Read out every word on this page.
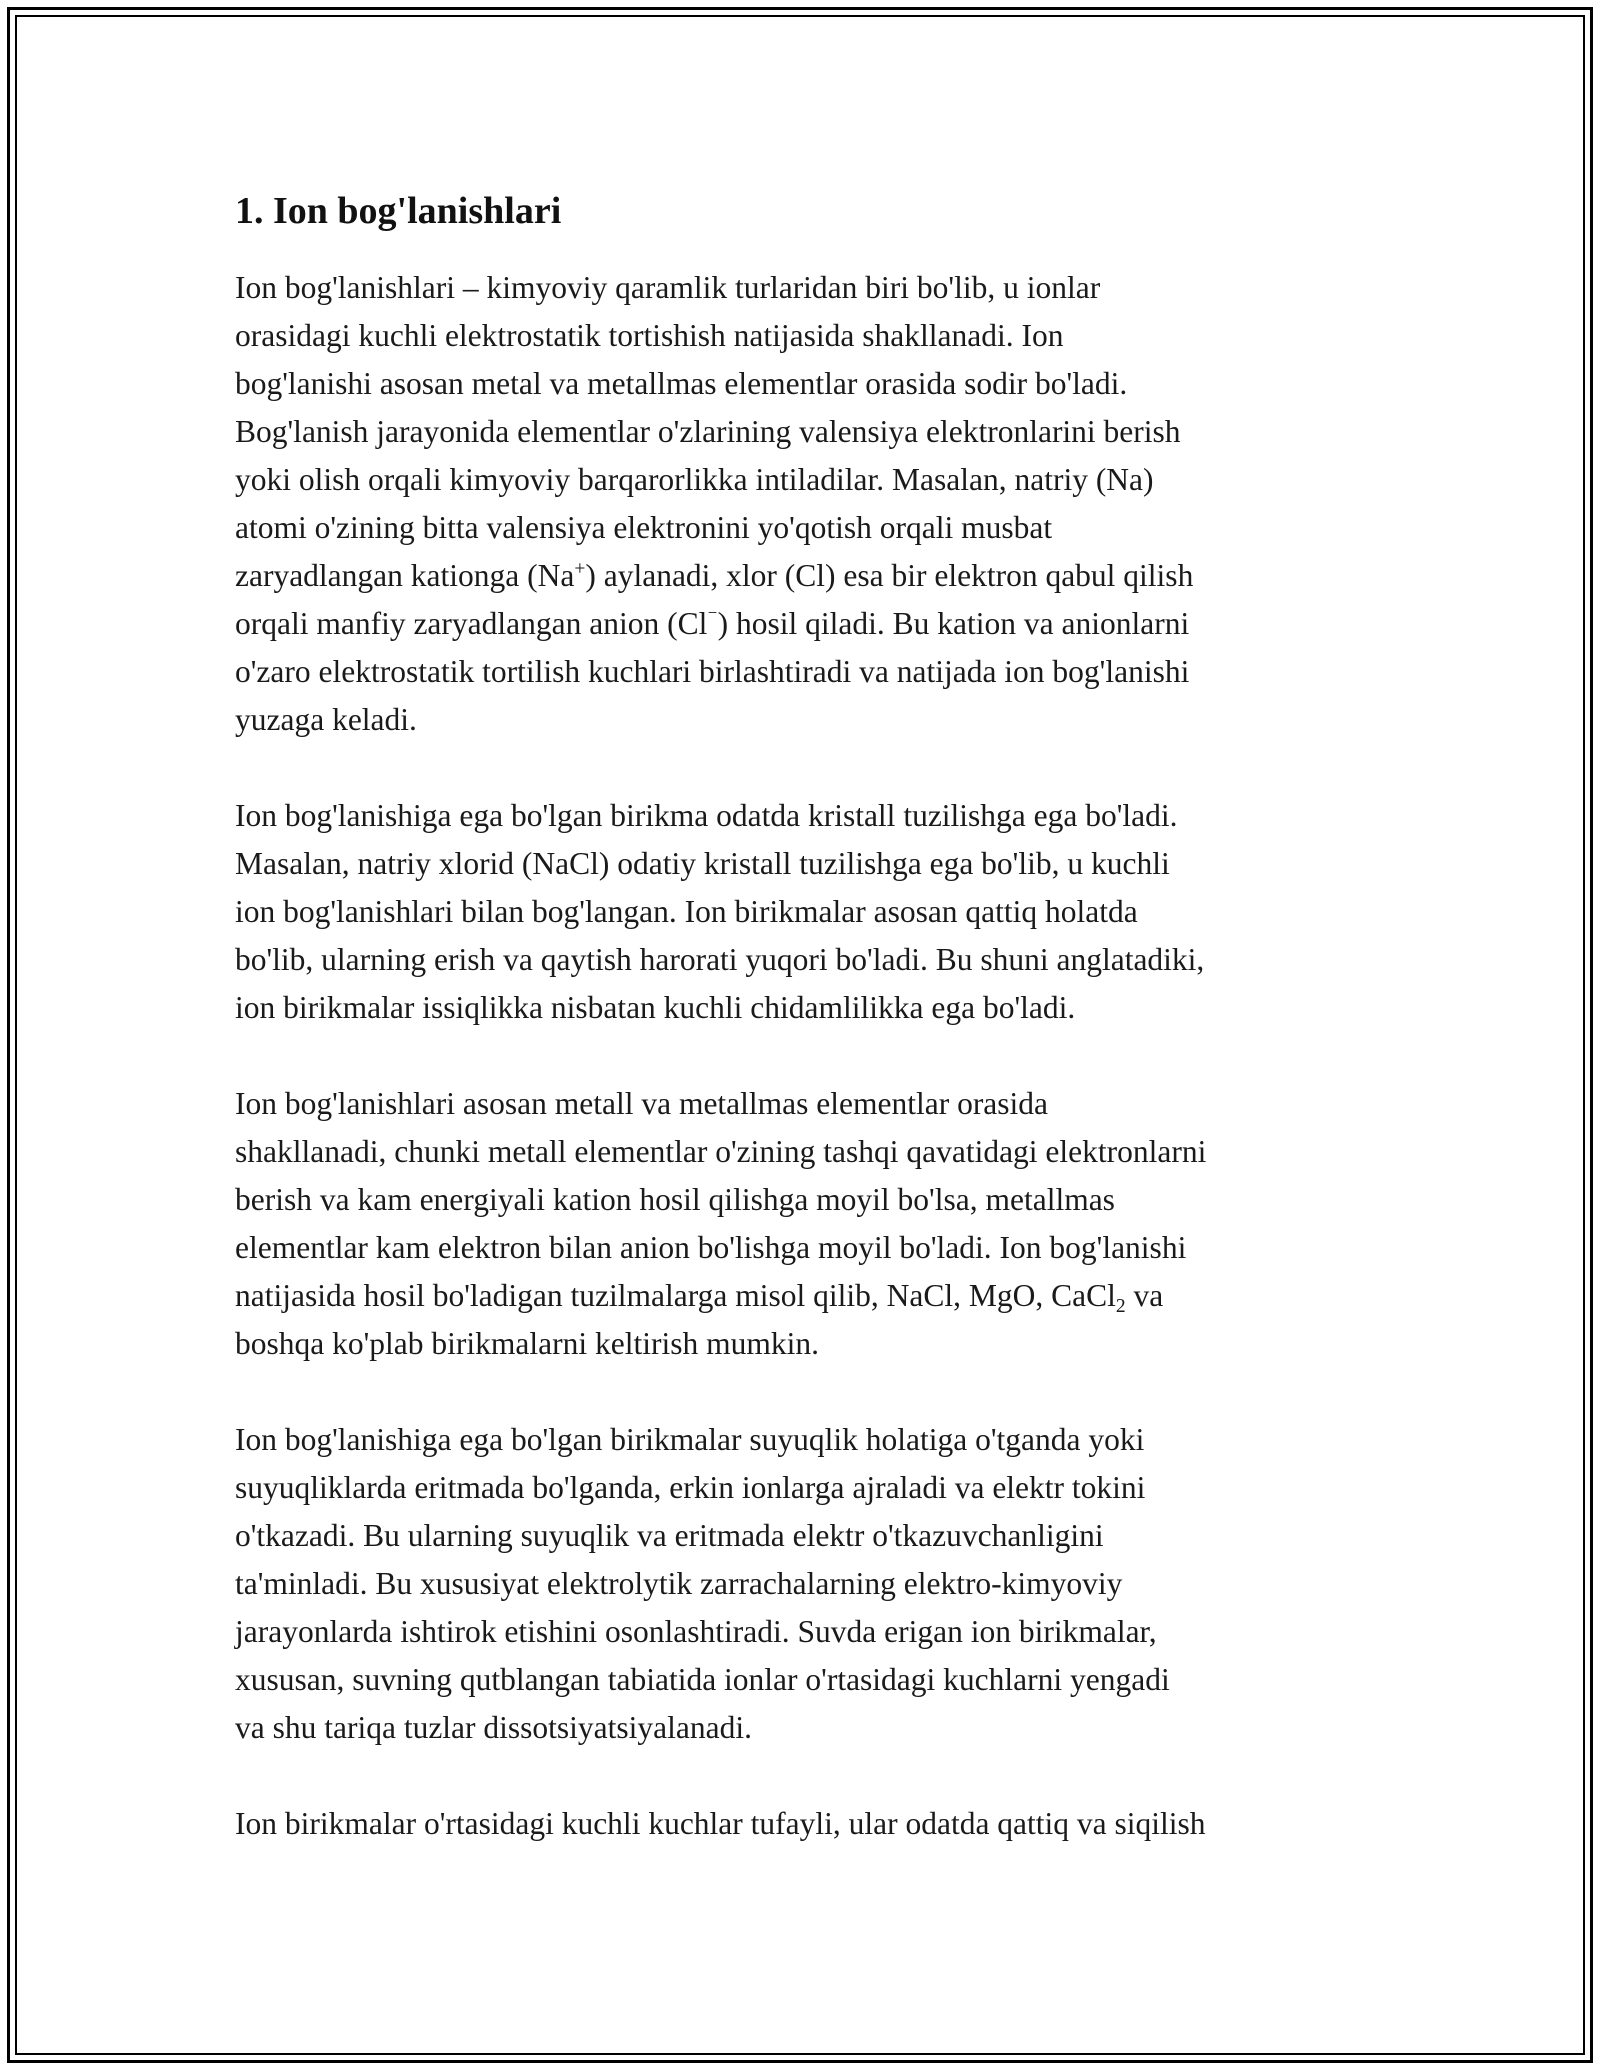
1. Ion bog'lanishlari

Ion bog'lanishlari – kimyoviy qaramlik turlaridan biri bo'lib, u ionlar
orasidagi kuchli elektrostatik tortishish natijasida shakllanadi. Ion
bog'lanishi asosan metal va metallmas elementlar orasida sodir bo'ladi.
Bog'lanish jarayonida elementlar o'zlarining valensiya elektronlarini berish
yoki olish orqali kimyoviy barqarorlikka intiladilar. Masalan, natriy (Na)
atomi o'zining bitta valensiya elektronini yo'qotish orqali musbat
zaryadlangan kationga (Na+) aylanadi, xlor (Cl) esa bir elektron qabul qilish
orqali manfiy zaryadlangan anion (Cl⁻) hosil qiladi. Bu kation va anionlarni
o'zaro elektrostatik tortilish kuchlari birlashtiradi va natijada ion bog'lanishi
yuzaga keladi.

Ion bog'lanishiga ega bo'lgan birikma odatda kristall tuzilishga ega bo'ladi.
Masalan, natriy xlorid (NaCl) odatiy kristall tuzilishga ega bo'lib, u kuchli
ion bog'lanishlari bilan bog'langan. Ion birikmalar asosan qattiq holatda
bo'lib, ularning erish va qaytish harorati yuqori bo'ladi. Bu shuni anglatadiki,
ion birikmalar issiqlikka nisbatan kuchli chidamlilikka ega bo'ladi.

Ion bog'lanishlari asosan metall va metallmas elementlar orasida
shakllanadi, chunki metall elementlar o'zining tashqi qavatidagi elektronlarni
berish va kam energiyali kation hosil qilishga moyil bo'lsa, metallmas
elementlar kam elektron bilan anion bo'lishga moyil bo'ladi. Ion bog'lanishi
natijasida hosil bo'ladigan tuzilmalarga misol qilib, NaCl, MgO, CaCl$_2$ va
boshqa ko'plab birikmalarni keltirish mumkin.

Ion bog'lanishiga ega bo'lgan birikmalar suyuqlik holatiga o'tganda yoki
suyuqliklarda eritmada bo'lganda, erkin ionlarga ajraladi va elektr tokini
o'tkazadi. Bu ularning suyuqlik va eritmada elektr o'tkazuvchanligini
ta'minladi. Bu xususiyat elektrolytik zarrachalarning elektro-kimyoviy
jarayonlarda ishtirok etishini osonlashtiradi. Suvda erigan ion birikmalar,
xususan, suvning qutblangan tabiatida ionlar o'rtasidagi kuchlarni yengadi
va shu tariqa tuzlar dissotsiyatsiyalanadi.

Ion birikmalar o'rtasidagi kuchli kuchlar tufayli, ular odatda qattiq va siqilish
